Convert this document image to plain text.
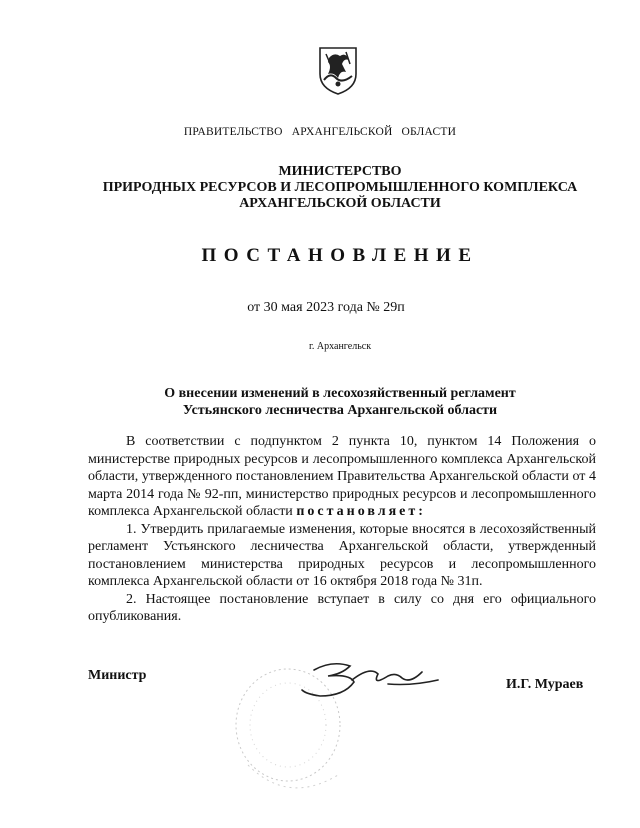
ПРАВИТЕЛЬСТВО АРХАНГЕЛЬСКОЙ ОБЛАСТИ
МИНИСТЕРСТВО
ПРИРОДНЫХ РЕСУРСОВ И ЛЕСОПРОМЫШЛЕННОГО КОМПЛЕКСА
АРХАНГЕЛЬСКОЙ ОБЛАСТИ
ПОСТАНОВЛЕНИЕ
от 30 мая 2023 года № 29п
г. Архангельск
О внесении изменений в лесохозяйственный регламент
Устьянского лесничества Архангельской области

В соответствии с подпунктом 2 пункта 10, пунктом 14 Положения о министерстве природных ресурсов и лесопромышленного комплекса Архангельской области, утвержденного постановлением Правительства Архангельской области от 4 марта 2014 года № 92-пп, министерство природных ресурсов и лесопромышленного комплекса Архангельской области постановляет:

1. Утвердить прилагаемые изменения, которые вносятся в лесохозяйственный регламент Устьянского лесничества Архангельской области, утвержденный постановлением министерства природных ресурсов и лесопромышленного комплекса Архангельской области от 16 октября 2018 года № 31п.

2. Настоящее постановление вступает в силу со дня его официального опубликования.

Министр
И.Г. Мураев
